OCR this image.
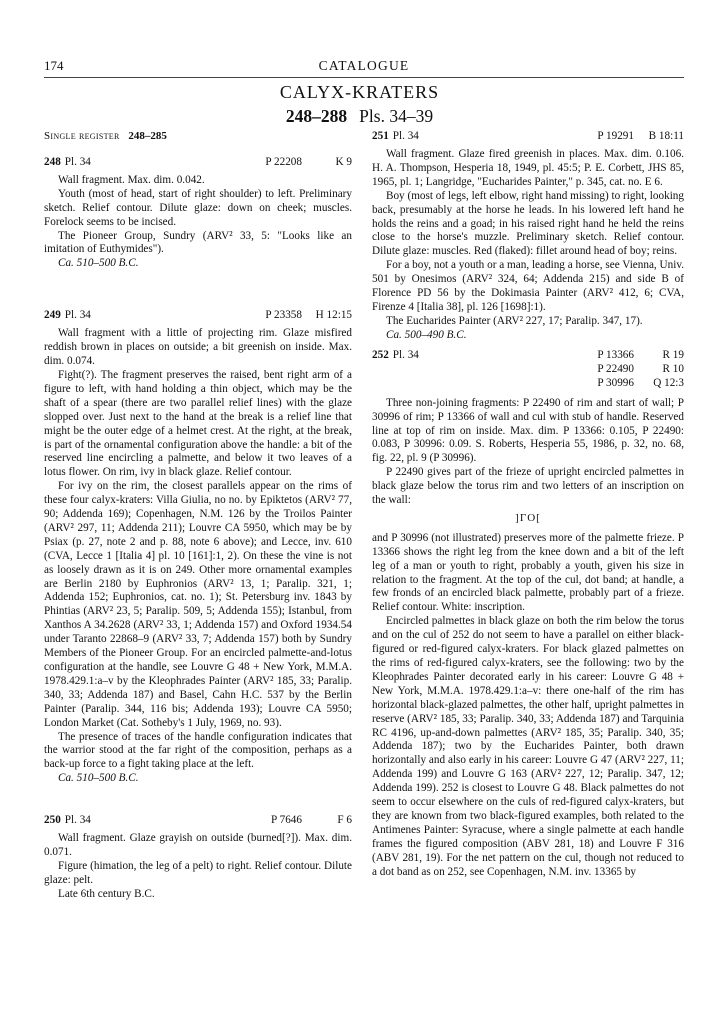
174	CATALOGUE
CALYX-KRATERS
248–288 Pls. 34–39

Single register 248–285

248 Pl. 34	P 22208	K 9

Wall fragment. Max. dim. 0.042.

Youth (most of head, start of right shoulder) to left. Preliminary sketch. Relief contour. Dilute glaze: down on cheek; muscles. Forelock seems to be incised.

The Pioneer Group, Sundry (ARV² 33, 5: "Looks like an imitation of Euthymides").

Ca. 510–500 B.C.

249 Pl. 34	P 23358 H 12:15

Wall fragment with a little of projecting rim. Glaze misfired reddish brown in places on outside; a bit greenish on inside. Max. dim. 0.074.

Fight(?). The fragment preserves the raised, bent right arm of a figure to left, with hand holding a thin object, which may be the shaft of a spear (there are two parallel relief lines) with the glaze slopped over. Just next to the hand at the break is a relief line that might be the outer edge of a helmet crest. At the right, at the break, is part of the ornamental configuration above the handle: a bit of the reserved line encircling a palmette, and below it two leaves of a lotus flower. On rim, ivy in black glaze. Relief contour.

For ivy on the rim, the closest parallels appear on the rims of these four calyx-kraters: Villa Giulia, no no. by Epiktetos (ARV² 77, 90; Addenda 169); Copenhagen, N.M. 126 by the Troilos Painter (ARV² 297, 11; Addenda 211); Louvre CA 5950, which may be by Psiax (p. 27, note 2 and p. 88, note 6 above); and Lecce, inv. 610 (CVA, Lecce 1 [Italia 4] pl. 10 [161]:1, 2). On these the vine is not as loosely drawn as it is on 249. Other more ornamental examples are Berlin 2180 by Euphronios (ARV² 13, 1; Paralip. 321, 1; Addenda 152; Euphronios, cat. no. 1); St. Petersburg inv. 1843 by Phintias (ARV² 23, 5; Paralip. 509, 5; Addenda 155); Istanbul, from Xanthos A 34.2628 (ARV² 33, 1; Addenda 157) and Oxford 1934.54 under Taranto 22868–9 (ARV² 33, 7; Addenda 157) both by Sundry Members of the Pioneer Group. For an encircled palmette-and-lotus configuration at the handle, see Louvre G 48 + New York, M.M.A. 1978.429.1:a–v by the Kleophrades Painter (ARV² 185, 33; Paralip. 340, 33; Addenda 187) and Basel, Cahn H.C. 537 by the Berlin Painter (Paralip. 344, 116 bis; Addenda 193); Louvre CA 5950; London Market (Cat. Sotheby's 1 July, 1969, no. 93).

The presence of traces of the handle configuration indicates that the warrior stood at the far right of the composition, perhaps as a back-up force to a fight taking place at the left.

Ca. 510–500 B.C.

250 Pl. 34	P 7646	F 6

Wall fragment. Glaze grayish on outside (burned[?]). Max. dim. 0.071.

Figure (himation, the leg of a pelt) to right. Relief contour. Dilute glaze: pelt.

Late 6th century B.C.

251 Pl. 34	P 19291 B 18:11

Wall fragment. Glaze fired greenish in places. Max. dim. 0.106. H. A. Thompson, Hesperia 18, 1949, pl. 45:5; P. E. Corbett, JHS 85, 1965, pl. 1; Langridge, "Eucharides Painter," p. 345, cat. no. E 6.

Boy (most of legs, left elbow, right hand missing) to right, looking back, presumably at the horse he leads. In his lowered left hand he holds the reins and a goad; in his raised right hand he held the reins close to the horse's muzzle. Preliminary sketch. Relief contour. Dilute glaze: muscles. Red (flaked): fillet around head of boy; reins.

For a boy, not a youth or a man, leading a horse, see Vienna, Univ. 501 by Onesimos (ARV² 324, 64; Addenda 215) and side B of Florence PD 56 by the Dokimasia Painter (ARV² 412, 6; CVA, Firenze 4 [Italia 38], pl. 126 [1698]:1).

The Eucharides Painter (ARV² 227, 17; Paralip. 347, 17).

Ca. 500–490 B.C.

252 Pl. 34	P 13366	R 19
P 22490	R 10
P 30996 Q 12:3

Three non-joining fragments: P 22490 of rim and start of wall; P 30996 of rim; P 13366 of wall and cul with stub of handle. Reserved line at top of rim on inside. Max. dim. P 13366: 0.105, P 22490: 0.083, P 30996: 0.09. S. Roberts, Hesperia 55, 1986, p. 32, no. 68, fig. 22, pl. 9 (P 30996).

P 22490 gives part of the frieze of upright encircled palmettes in black glaze below the torus rim and two letters of an inscription on the wall:

]ΓΟ[

and P 30996 (not illustrated) preserves more of the palmette frieze. P 13366 shows the right leg from the knee down and a bit of the left leg of a man or youth to right, probably a youth, given his size in relation to the fragment. At the top of the cul, dot band; at handle, a few fronds of an encircled black palmette, probably part of a frieze. Relief contour. White: inscription.

Encircled palmettes in black glaze on both the rim below the torus and on the cul of 252 do not seem to have a parallel on either black-figured or red-figured calyx-kraters. For black glazed palmettes on the rims of red-figured calyx-kraters, see the following: two by the Kleophrades Painter decorated early in his career: Louvre G 48 + New York, M.M.A. 1978.429.1:a–v: there one-half of the rim has horizontal black-glazed palmettes, the other half, upright palmettes in reserve (ARV² 185, 33; Paralip. 340, 33; Addenda 187) and Tarquinia RC 4196, up-and-down palmettes (ARV² 185, 35; Paralip. 340, 35; Addenda 187); two by the Eucharides Painter, both drawn horizontally and also early in his career: Louvre G 47 (ARV² 227, 11; Addenda 199) and Louvre G 163 (ARV² 227, 12; Paralip. 347, 12; Addenda 199). 252 is closest to Louvre G 48. Black palmettes do not seem to occur elsewhere on the culs of red-figured calyx-kraters, but they are known from two black-figured examples, both related to the Antimenes Painter: Syracuse, where a single palmette at each handle frames the figured composition (ABV 281, 18) and Louvre F 316 (ABV 281, 19). For the net pattern on the cul, though not reduced to a dot band as on 252, see Copenhagen, N.M. inv. 13365 by
